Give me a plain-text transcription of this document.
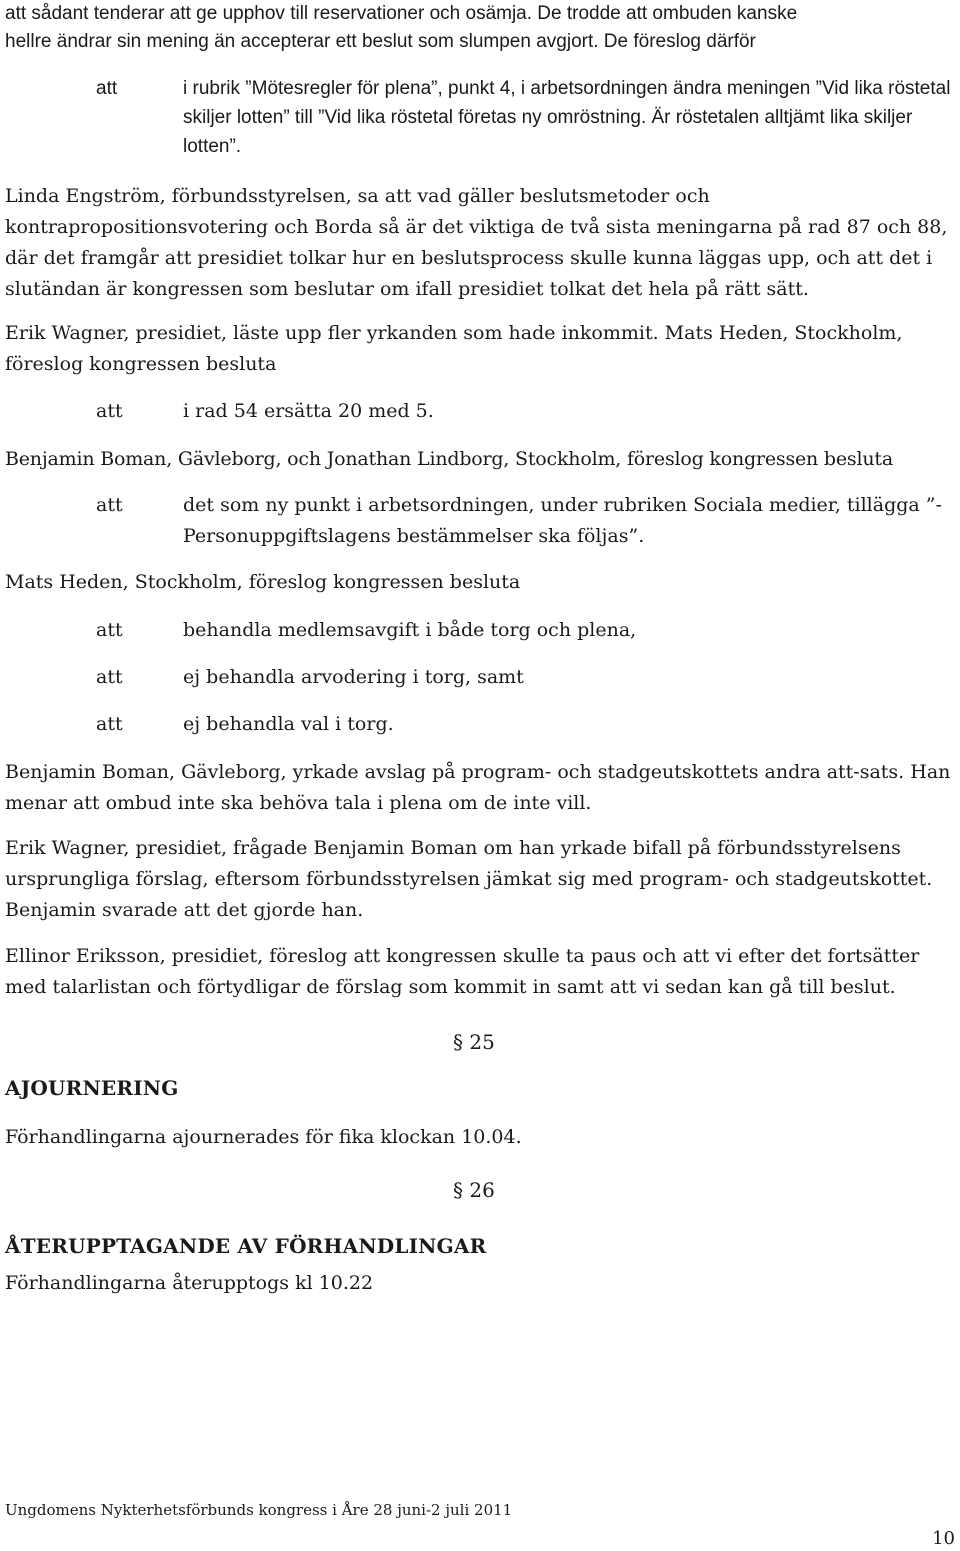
att sådant tenderar att ge upphov till reservationer och osämja. De trodde att ombuden kanske

hellre ändrar sin mening än accepterar ett beslut som slumpen avgjort. De föreslog därför

att	i rubrik ”Mötesregler för plena”, punkt 4, i arbetsordningen ändra meningen ”Vid lika röstetal skiljer lotten” till ”Vid lika röstetal företas ny omröstning. Är röstetalen alltjämt lika skiljer lotten”.

Linda Engström, förbundsstyrelsen, sa att vad gäller beslutsmetoder och kontrapropositionsvotering och Borda så är det viktiga de två sista meningarna på rad 87 och 88, där det framgår att presidiet tolkar hur en beslutsprocess skulle kunna läggas upp, och att det i slutändan är kongressen som beslutar om ifall presidiet tolkat det hela på rätt sätt.

Erik Wagner, presidiet, läste upp fler yrkanden som hade inkommit. Mats Heden, Stockholm, föreslog kongressen besluta

att	i rad 54 ersätta 20 med 5.

Benjamin Boman, Gävleborg, och Jonathan Lindborg, Stockholm, föreslog kongressen besluta

att	det som ny punkt i arbetsordningen, under rubriken Sociala medier, tillägga ”- Personuppgiftslagens bestämmelser ska följas”.

Mats Heden, Stockholm, föreslog kongressen besluta

att	behandla medlemsavgift i både torg och plena,
att	ej behandla arvodering i torg, samt
att	ej behandla val i torg.

Benjamin Boman, Gävleborg, yrkade avslag på program- och stadgeutskottets andra att-sats. Han menar att ombud inte ska behöva tala i plena om de inte vill.

Erik Wagner, presidiet, frågade Benjamin Boman om han yrkade bifall på förbundsstyrelsens ursprungliga förslag, eftersom förbundsstyrelsen jämkat sig med program- och stadgeutskottet. Benjamin svarade att det gjorde han.

Ellinor Eriksson, presidiet, föreslog att kongressen skulle ta paus och att vi efter det fortsätter med talarlistan och förtydligar de förslag som kommit in samt att vi sedan kan gå till beslut.

§ 25
AJOURNERING

Förhandlingarna ajournerades för fika klockan 10.04.

§ 26
ÅTERUPPTAGANDE AV FÖRHANDLINGAR

Förhandlingarna återupptogs kl 10.22

Ungdomens Nykterhetsförbunds kongress i Åre 28 juni-2 juli 2011
10
